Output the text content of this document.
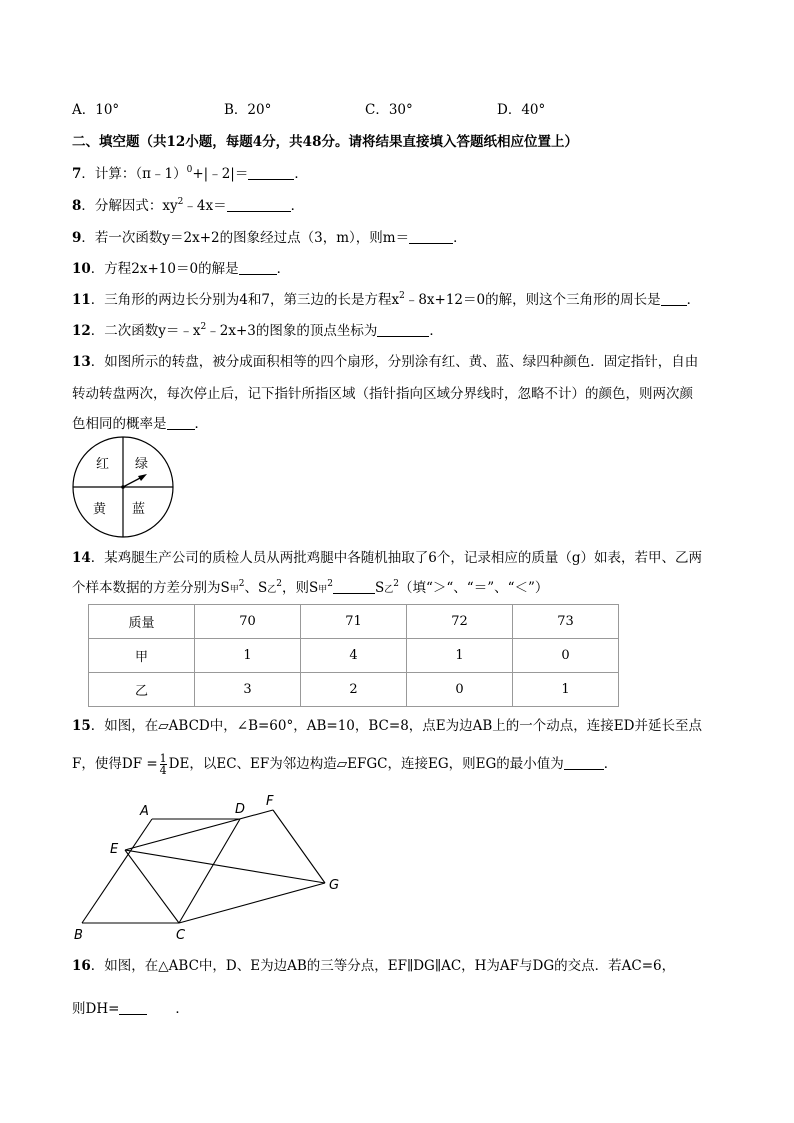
A．10°	B．20°	C．30°	D．40°
二、填空题（共12小题，每题4分，共48分。请将结果直接填入答题纸相应位置上）
7．计算：（π﹣1）$^0$+|﹣2|＝	．
8．分解因式：$xy^2﹣4x=$	．
9．若一次函数y＝2x+2的图象经过点（3，m），则m＝	．
10．方程2x+10＝0的解是	．
11．三角形的两边长分别为4和7，第三边的长是方程$x^2﹣8x+12=0$的解，则这个三角形的周长是 ．
12．二次函数$y=﹣x^2﹣2x+3$的图象的顶点坐标为	．
13．如图所示的转盘，被分成面积相等的四个扇形，分别涂有红、黄、蓝、绿四种颜色．固定指针，自由
转动转盘两次，每次停止后，记下指针所指区域（指针指向区域分界线时，忽略不计）的颜色，则两次颜
色相同的概率是 ．
红 绿
黄 蓝
14．某鸡腿生产公司的质检人员从两批鸡腿中各随机抽取了6个，记录相应的质量（g）如表，若甲、乙两
个样本数据的方差分别为S甲$^2$、S乙$^2$，则S甲$^2$	S乙$^2$（填“＞“、“＝”、“＜”）
质量	70	71	72	73
甲	1	4	1	0
乙	3	2	0	1
15．如图，在▱ABCD中，∠B=60°，AB=10，BC=8，点E为边AB上的一个动点，连接ED并延长至点
F，使得DF = $\frac{1}{4}$ DE，以EC、EF为邻边构造▱EFGC，连接EG，则EG的最小值为	．
A	D
F
E
G
B	C
16．如图，在△ABC中，D、E为边AB的三等分点，EF∥DG∥AC，H为AF与DG的交点．若AC=6，
则DH=	．
